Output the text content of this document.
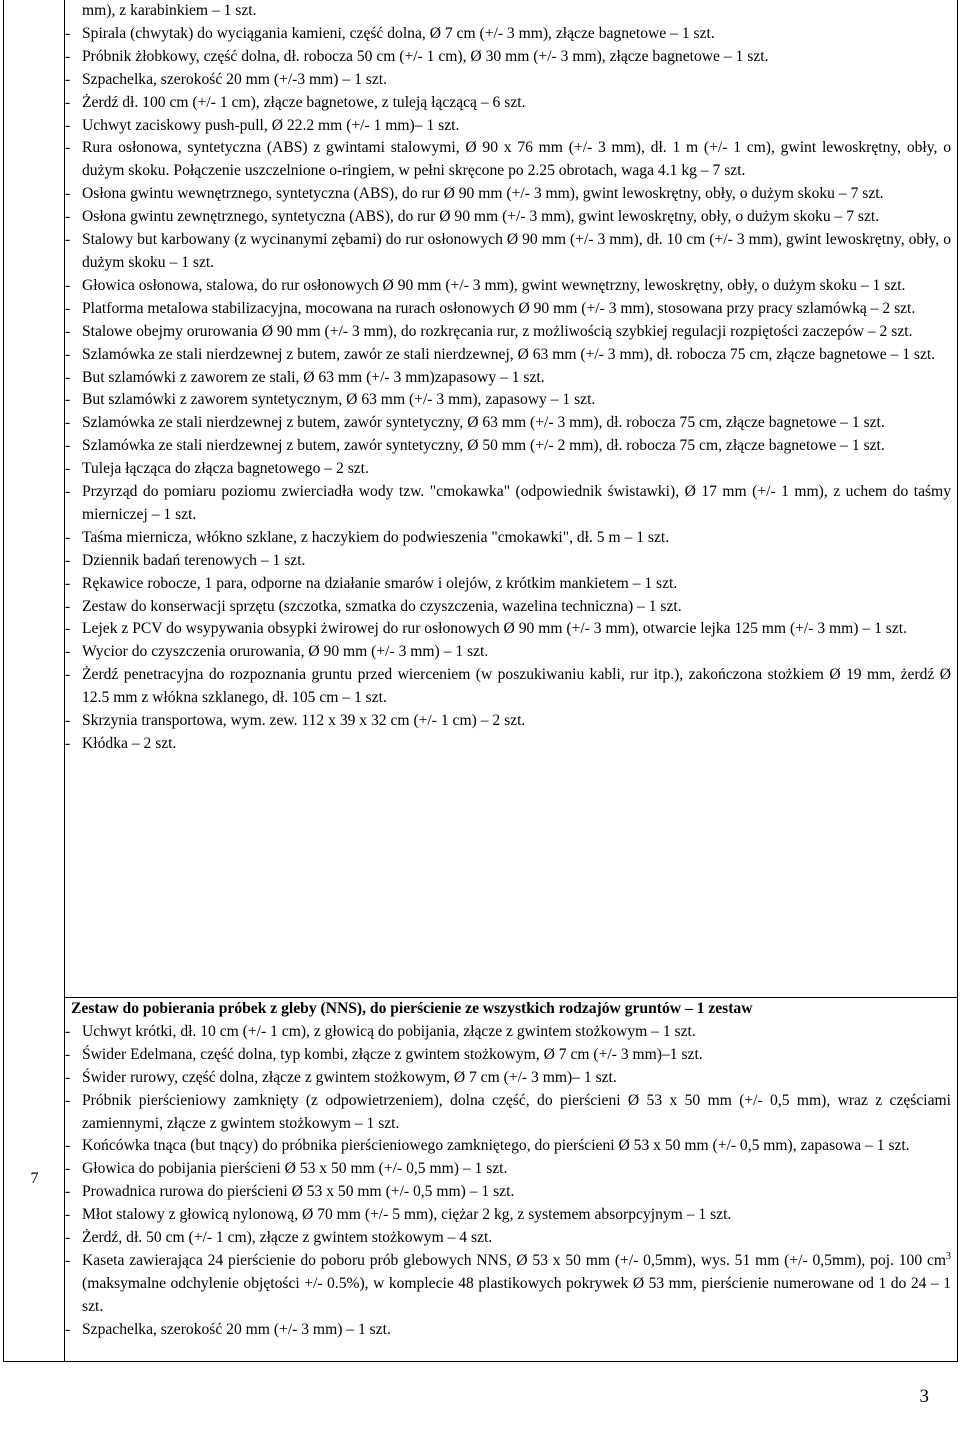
7
mm), z karabinkiem – 1 szt.
- Spirala (chwytak) do wyciągania kamieni, część dolna, Ø 7 cm (+/- 3 mm), złącze bagnetowe – 1 szt.
- Próbnik żłobkowy, część dolna, dł. robocza 50 cm (+/- 1 cm), Ø 30 mm (+/- 3 mm), złącze bagnetowe – 1 szt.
- Szpachelka, szerokość 20 mm (+/-3 mm) – 1 szt.
- Żerdź dł. 100 cm (+/- 1 cm), złącze bagnetowe, z tuleją łączącą – 6 szt.
- Uchwyt zaciskowy push-pull, Ø 22.2 mm (+/- 1 mm)– 1 szt.
- Rura osłonowa, syntetyczna (ABS) z gwintami stalowymi, Ø 90 x 76 mm (+/- 3 mm), dł. 1 m (+/- 1 cm), gwint lewoskrętny, obły, o dużym skoku. Połączenie uszczelnione o-ringiem, w pełni skręcone po 2.25 obrotach, waga 4.1 kg – 7 szt.
- Osłona gwintu wewnętrznego, syntetyczna (ABS), do rur Ø 90 mm (+/- 3 mm), gwint lewoskrętny, obły, o dużym skoku – 7 szt.
- Osłona gwintu zewnętrznego, syntetyczna (ABS), do rur Ø 90 mm (+/- 3 mm), gwint lewoskrętny, obły, o dużym skoku – 7 szt.
- Stalowy but karbowany (z wycinanymi zębami) do rur osłonowych Ø 90 mm (+/- 3 mm), dł. 10 cm (+/- 3 mm), gwint lewoskrętny, obły, o dużym skoku – 1 szt.
- Głowica osłonowa, stalowa, do rur osłonowych Ø 90 mm (+/- 3 mm), gwint wewnętrzny, lewoskrętny, obły, o dużym skoku – 1 szt.
- Platforma metalowa stabilizacyjna, mocowana na rurach osłonowych Ø 90 mm (+/- 3 mm), stosowana przy pracy szlamówką – 2 szt.
- Stalowe obejmy orurowania Ø 90 mm (+/- 3 mm), do rozkręcania rur, z możliwością szybkiej regulacji rozpiętości zaczepów – 2 szt.
- Szlamówka ze stali nierdzewnej z butem, zawór ze stali nierdzewnej, Ø 63 mm (+/- 3 mm), dł. robocza 75 cm, złącze bagnetowe – 1 szt.
- But szlamówki z zaworem ze stali, Ø 63 mm (+/- 3 mm)zapasowy – 1 szt.
- But szlamówki z zaworem syntetycznym, Ø 63 mm (+/- 3 mm), zapasowy – 1 szt.
- Szlamówka ze stali nierdzewnej z butem, zawór syntetyczny, Ø 63 mm (+/- 3 mm), dł. robocza 75 cm, złącze bagnetowe – 1 szt.
- Szlamówka ze stali nierdzewnej z butem, zawór syntetyczny, Ø 50 mm (+/- 2 mm), dł. robocza 75 cm, złącze bagnetowe – 1 szt.
- Tuleja łącząca do złącza bagnetowego – 2 szt.
- Przyrząd do pomiaru poziomu zwierciadła wody tzw. "cmokawka" (odpowiednik świstawki), Ø 17 mm (+/- 1 mm), z uchem do taśmy mierniczej – 1 szt.
- Taśma miernicza, włókno szklane, z haczykiem do podwieszenia "cmokawki", dł. 5 m – 1 szt.
- Dziennik badań terenowych – 1 szt.
- Rękawice robocze, 1 para, odporne na działanie smarów i olejów, z krótkim mankietem – 1 szt.
- Zestaw do konserwacji sprzętu (szczotka, szmatka do czyszczenia, wazelina techniczna) – 1 szt.
- Lejek z PCV do wsypywania obsypki żwirowej do rur osłonowych Ø 90 mm (+/- 3 mm), otwarcie lejka 125 mm (+/- 3 mm) – 1 szt.
- Wycior do czyszczenia orurowania, Ø 90 mm (+/- 3 mm) – 1 szt.
- Żerdź penetracyjna do rozpoznania gruntu przed wierceniem (w poszukiwaniu kabli, rur itp.), zakończona stożkiem Ø 19 mm, żerdź Ø 12.5 mm z włókna szklanego, dł. 105 cm – 1 szt.
- Skrzynia transportowa, wym. zew. 112 x 39 x 32 cm (+/- 1 cm) – 2 szt.
- Kłódka – 2 szt.
Zestaw do pobierania próbek z gleby (NNS), do pierścienie ze wszystkich rodzajów gruntów – 1 zestaw
- Uchwyt krótki, dł. 10 cm (+/- 1 cm), z głowicą do pobijania, złącze z gwintem stożkowym – 1 szt.
- Świder Edelmana, część dolna, typ kombi, złącze z gwintem stożkowym, Ø 7 cm (+/- 3 mm)–1 szt.
- Świder rurowy, część dolna, złącze z gwintem stożkowym, Ø 7 cm (+/- 3 mm)– 1 szt.
- Próbnik pierścieniowy zamknięty (z odpowietrzeniem), dolna część, do pierścieni Ø 53 x 50 mm (+/- 0,5 mm), wraz z częściami zamiennymi, złącze z gwintem stożkowym – 1 szt.
- Końcówka tnąca (but tnący) do próbnika pierścieniowego zamkniętego, do pierścieni Ø 53 x 50 mm (+/- 0,5 mm), zapasowa – 1 szt.
- Głowica do pobijania pierścieni Ø 53 x 50 mm (+/- 0,5 mm) – 1 szt.
- Prowadnica rurowa do pierścieni Ø 53 x 50 mm (+/- 0,5 mm) – 1 szt.
- Młot stalowy z głowicą nylonową, Ø 70 mm (+/- 5 mm), ciężar 2 kg, z systemem absorpcyjnym – 1 szt.
- Żerdź, dł. 50 cm (+/- 1 cm), złącze z gwintem stożkowym – 4 szt.
- Kaseta zawierająca 24 pierścienie do poboru prób glebowych NNS, Ø 53 x 50 mm (+/- 0,5mm), wys. 51 mm (+/- 0,5mm), poj. 100 $cm^3$ (maksymalne odchylenie objętości +/- 0.5%), w komplecie 48 plastikowych pokrywek Ø 53 mm, pierścienie numerowane od 1 do 24 – 1 szt.
- Szpachelka, szerokość 20 mm (+/- 3 mm) – 1 szt.
3
